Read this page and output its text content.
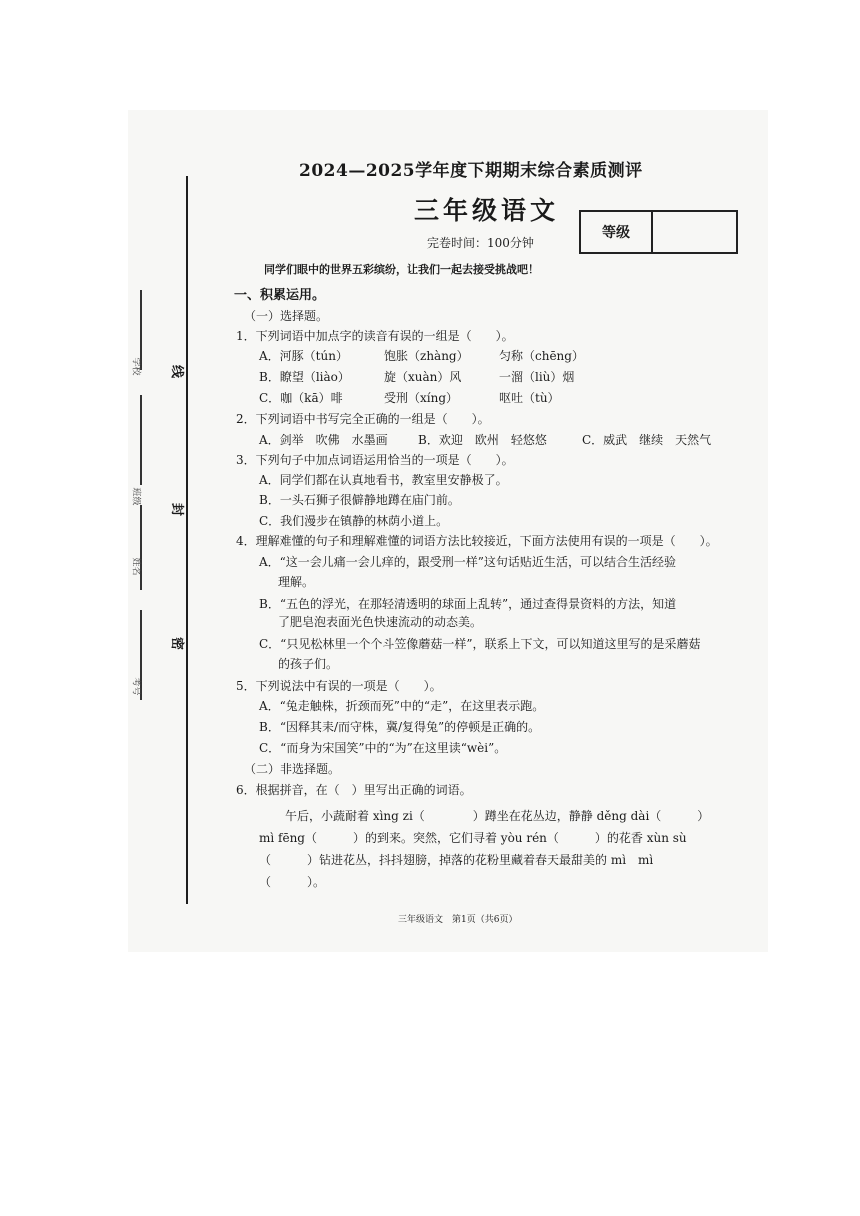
学校
班级
姓名
考号
线
封
密
2024—2025学年度下期期末综合素质测评
三年级语文
完卷时间：100分钟
等级
同学们眼中的世界五彩缤纷，让我们一起去接受挑战吧！
一、积累运用。
（一）选择题。
1．下列词语中加点字的读音有误的一组是（　　）。
A．河豚（tún）	饱胀（zhàng）	匀称（chēng）
B．瞭望（liào）	旋（xuàn）风	一溜（liù）烟
C．咖（kā）啡	受刑（xíng）	呕吐（tù）
2．下列词语中书写完全正确的一组是（　　）。
A．剑举　吹佛　水墨画	B．欢迎　欧州　轻悠悠	C．威武　继续　天然气
3．下列句子中加点词语运用恰当的一项是（　　）。
A．同学们都在认真地看书，教室里安静极了。
B．一头石狮子很僻静地蹲在庙门前。
C．我们漫步在镇静的林荫小道上。
4．理解难懂的句子和理解难懂的词语方法比较接近，下面方法使用有误的一项是（　　）。
A．“这一会儿痛一会儿痒的，跟受刑一样”这句话贴近生活，可以结合生活经验
理解。
B．“五色的浮光，在那轻清透明的球面上乱转”，通过查得景资料的方法，知道
了肥皂泡表面光色快速流动的动态美。
C．“只见松林里一个个斗笠像蘑菇一样”，联系上下文，可以知道这里写的是采蘑菇
的孩子们。
5．下列说法中有误的一项是（　　）。
A．“兔走触株，折颈而死”中的“走”，在这里表示跑。
B．“因释其耒/而守株，冀/复得兔”的停顿是正确的。
C．“而身为宋国笑”中的“为”在这里读“wèi”。
（二）非选择题。
6．根据拼音，在（　）里写出正确的词语。
午后，小蔬耐着 xìng zi（　　　　）蹲坐在花丛边，静静 děng dài（　　　）
mì fēng（　　　）的到来。突然，它们寻着 yòu rén（　　　）的花香 xùn sù
（　　　）钻进花丛，抖抖翅膀，掉落的花粉里藏着春天最甜美的 mì　mì
（　　　）。
三年级语文　第1页（共6页）
